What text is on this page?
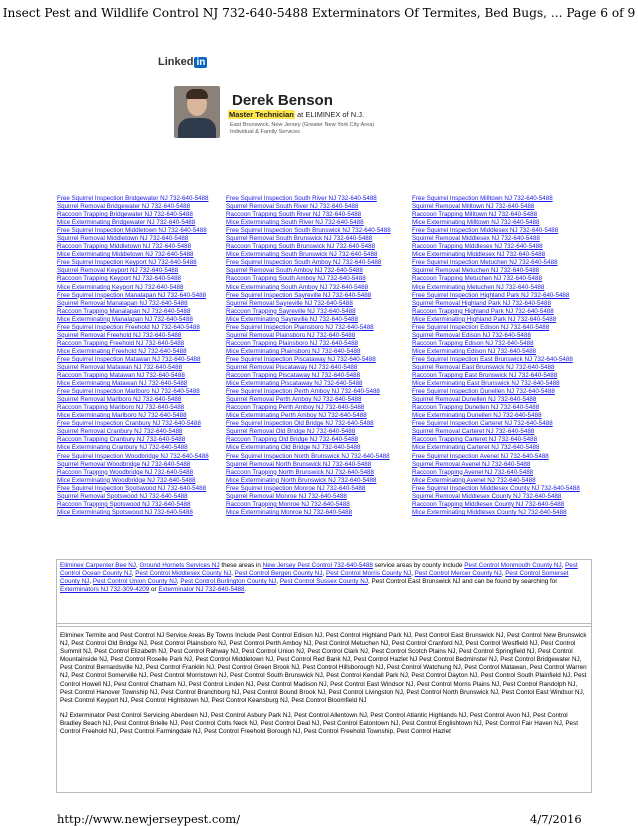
Insect Pest and Wildlife Control NJ 732-640-5488 Exterminators Of Termites, Bed Bugs, ... Page 6 of 9
Linked in
Derek Benson
Master Technician at ELIMINEX of N.J.
East Brunswick, New Jersey (Greater New York City Area)
Individual & Family Services
Free Squirrel Inspection Bridgewater NJ 732-640-5488
Squirrel Removal Bridgewater NJ 732-640-5488
Raccoon Trapping Bridgewater NJ 732-640-5488
Mice Exterminating Bridgewater NJ 732-640-5488
Free Squirrel Inspection Middletown NJ 732-640-5488
Squirrel Removal Middletown NJ 732-640-5488
Raccoon Trapping Middletown NJ 732-640-5488
Mice Exterminating Middletown NJ 732-640-5488
Free Squirrel Inspection Keyport NJ 732-640-5488
Squirrel Removal Keyport NJ 732-640-5488
Raccoon Trapping Keyport NJ 732-640-5488
Mice Exterminating Keyport NJ 732-640-5488
Free Squirrel Inspection Manalapan NJ 732-640-5488
Squirrel Removal Manalapan NJ 732-640-5488
Raccoon Trapping Manalapan NJ 732-640-5488
Mice Exterminating Manalapan NJ 732-640-5488
Free Squirrel Inspection Freehold NJ 732-640-5488
Squirrel Removal Freehold NJ 732-640-5488
Raccoon Trapping Freehold NJ 732-640-5488
Mice Exterminating Freehold NJ 732-640-5488
Free Squirrel Inspection Matawan NJ 732-640-5488
Squirrel Removal Matawan NJ 732-640-5488
Raccoon Trapping Matawan NJ 732-640-5488
Mice Exterminating Matawan NJ 732-640-5488
Free Squirrel Inspection Marlboro NJ 732-640-5488
Squirrel Removal Marlboro NJ 732-640-5488
Raccoon Trapping Marlboro NJ 732-640-5488
Mice Exterminating Marlboro NJ 732-640-5488
Free Squirrel Inspection Cranbury NJ 732-640-5488
Squirrel Removal Cranbury NJ 732-640-5488
Raccoon Trapping Cranbury NJ 732-640-5488
Mice Exterminating Cranbury NJ 732-640-5488
Free Squirrel Inspection Woodbridge NJ 732-640-5488
Squirrel Removal Woodbridge NJ 732-640-5488
Raccoon Trapping Woodbridge NJ 732-640-5488
Mice Exterminating Woodbridge NJ 732-640-5488
Free Squirrel Inspection Spotswood NJ 732-640-5488
Squirrel Removal Spotswood NJ 732-640-5488
Raccoon Trapping Spotswood NJ 732-640-5488
Mice Exterminating Spotswood NJ 732-640-5488
Free Squirrel Inspection South River NJ 732-640-5488
Squirrel Removal South River NJ 732-640-5488
Raccoon Trapping South River NJ 732-640-5488
Mice Exterminating South River NJ 732-640-5488
Free Squirrel Inspection South Brunswick NJ 732-640-5488
Squirrel Removal South Brunswick NJ 732-640-5488
Raccoon Trapping South Brunswick NJ 732-640-5488
Mice Exterminating South Brunswick NJ 732-640-5488
Free Squirrel Inspection South Amboy NJ 732-640-5488
Squirrel Removal South Amboy NJ 732-640-5488
Raccoon Trapping South Amboy NJ 732-640-5488
Mice Exterminating South Amboy NJ 732-640-5488
Free Squirrel Inspection Sayreville NJ 732-640-5488
Squirrel Removal Sayreville NJ 732-640-5488
Raccoon Trapping Sayreville NJ 732-640-5488
Mice Exterminating Sayreville NJ 732-640-5488
Free Squirrel Inspection Plainsboro NJ 732-640-5488
Squirrel Removal Plainsboro NJ 732-640-5488
Raccoon Trapping Plainsboro NJ 732-640-5488
Mice Exterminating Plainsboro NJ 732-640-5488
Free Squirrel Inspection Piscataway NJ 732-640-5488
Squirrel Removal Piscataway NJ 732-640-5488
Raccoon Trapping Piscataway NJ 732-640-5488
Mice Exterminating Piscataway NJ 732-640-5488
Free Squirrel Inspection Perth Amboy NJ 732-640-5488
Squirrel Removal Perth Amboy NJ 732-640-5488
Raccoon Trapping Perth Amboy NJ 732-640-5488
Mice Exterminating Perth Amboy NJ 732-640-5488
Free Squirrel Inspection Old Bridge NJ 732-640-5488
Squirrel Removal Old Bridge NJ 732-640-5488
Raccoon Trapping Old Bridge NJ 732-640-5488
Mice Exterminating Old Bridge NJ 732-640-5488
Free Squirrel Inspection North Brunswick NJ 732-640-5488
Squirrel Removal North Brunswick NJ 732-640-5488
Raccoon Trapping North Brunswick NJ 732-640-5488
Mice Exterminating North Brunswick NJ 732-640-5488
Free Squirrel Inspection Monroe NJ 732-640-5488
Squirrel Removal Monroe NJ 732-640-5488
Raccoon Trapping Monroe NJ 732-640-5488
Mice Exterminating Monroe NJ 732-640-5488
Free Squirrel Inspection Milltown NJ 732-640-5488
Squirrel Removal Milltown NJ 732-640-5488
Raccoon Trapping Milltown NJ 732-640-5488
Mice Exterminating Milltown NJ 732-640-5488
Free Squirrel Inspection Middlesex NJ 732-640-5488
Squirrel Removal Middlesex NJ 732-640-5488
Raccoon Trapping Middlesex NJ 732-640-5488
Mice Exterminating Middlesex NJ 732-640-5488
Free Squirrel Inspection Metuchen NJ 732-640-5488
Squirrel Removal Metuchen NJ 732-640-5488
Raccoon Trapping Metuchen NJ 732-640-5488
Mice Exterminating Metuchen NJ 732-640-5488
Free Squirrel Inspection Highland Park NJ 732-640-5488
Squirrel Removal Highland Park NJ 732-640-5488
Raccoon Trapping Highland Park NJ 732-640-5488
Mice Exterminating Highland Park NJ 732-640-5488
Free Squirrel Inspection Edison NJ 732-640-5488
Squirrel Removal Edison NJ 732-640-5488
Raccoon Trapping Edison NJ 732-640-5488
Mice Exterminating Edison NJ 732-640-5488
Free Squirrel Inspection East Brunswick NJ 732-640-5488
Squirrel Removal East Brunswick NJ 732-640-5488
Raccoon Trapping East Brunswick NJ 732-640-5488
Mice Exterminating East Brunswick NJ 732-640-5488
Free Squirrel Inspection Dunellen NJ 732-640-5488
Squirrel Removal Dunellen NJ 732-640-5488
Raccoon Trapping Dunellen NJ 732-640-5488
Mice Exterminating Dunellen NJ 732-640-5488
Free Squirrel Inspection Carteret NJ 732-640-5488
Squirrel Removal Carteret NJ 732-640-5488
Raccoon Trapping Carteret NJ 732-640-5488
Mice Exterminating Carteret NJ 732-640-5488
Free Squirrel Inspection Avenel NJ 732-640-5488
Squirrel Removal Avenel NJ 732-640-5488
Raccoon Trapping Avenel NJ 732-640-5488
Mice Exterminating Avenel NJ 732-640-5488
Free Squirrel Inspection Middlesex County NJ 732-640-5488
Squirrel Removal Middlesex County NJ 732-640-5488
Raccoon Trapping Middlesex County NJ 732-640-5488
Mice Exterminating Middlesex County NJ 732-640-5488
Eliminex Carpenter Bee NJ, Ground Hornets Services NJ these areas in New Jersey Pest Control 732-640-5488 service areas by county include Pest Control Monmouth County NJ, Pest Control Ocean County NJ, Pest Control Middlesex County NJ, Pest Control Bergen County NJ, Pest Control Morris County NJ, Pest Control Mercer County NJ, Pest Control Somerset County NJ, Pest Control Union County NJ, Pest Control Burlington County NJ, Pest Control Sussex County NJ, Pest Control East Brunswick NJ and can be found by searching for Exterminators NJ 732-309-4209 or Exterminator NJ 732-640-5488.

Eliminex Termite and Pest Control NJ Service Areas By Towns Include Pest Control Edison NJ, Pest Control Highland Park NJ, Pest Control East Brunswick NJ, Pest Control New Brunswick NJ, Pest Control Old Bridge NJ, Pest Control Plainsboro NJ, Pest Control Perth Amboy NJ, Pest Control Metuchen NJ, Pest Control Cranford NJ, Pest Control Westfield NJ, Pest Control Summit NJ, Pest Control Elizabeth NJ, Pest Control Rahway NJ, Pest Control Union NJ, Pest Control Clark NJ, Pest Control Scotch Plains NJ, Pest Control Springfield NJ, Pest Control Mountainside NJ, Pest Control Roselle Park NJ, Pest Control Middletown NJ, Pest Control Red Bank NJ, Pest Control Hazlet NJ Pest Control Bedminster NJ, Pest Control Bridgewater NJ, Pest Control Bernardsville NJ, Pest Control Franklin NJ, Pest Control Green Brook NJ, Pest Control Hillsborough NJ, Pest Control Watchung NJ, Pest Control Matawan, Pest Control Warren NJ, Pest Control Somerville NJ, Pest Control Morristown NJ, Pest Control South Brunswick NJ, Pest Control Kendall Park NJ, Pest Control Dayton NJ, Pest Control South Plainfield NJ, Pest Control Howell NJ, Pest Control Chatham NJ, Pest Control Linden NJ, Pest Control Madison NJ, Pest Control East Windsor NJ, Pest Control Morris Plains NJ, Pest Control Randolph NJ, Pest Control Hanover Township NJ, Pest Control Branchburg NJ, Pest Control Bound Brook NJ, Pest Control Livingston NJ, Pest Control North Brunswick NJ, Pest Contol East Windsor NJ, Pest Control Keyport NJ, Pest Control Hightstown NJ, Pest Control Keansburg NJ, Pest Control Bloomfield NJ

NJ Exterminator Pest Control Servicing Aberdeen NJ, Pest Control Asbury Park NJ, Pest Control Allentown NJ, Pest Control Atlantic Highlands NJ, Pest Control Avon NJ, Pest Control Bradley Beach NJ, Pest Control Brielle NJ, Pest Control Colts Neck NJ, Pest Control Deal NJ, Pest Control Eatontown NJ, Pest Control Englishtown NJ, Pest Control Fair Haven NJ, Pest Control Freehold NJ, Pest Control Farmingdale NJ, Pest Control Freehold Borough NJ, Pest Control Freehold Township, Pest Control Hazlet

http://www.newjerseypest.com/	4/7/2016
